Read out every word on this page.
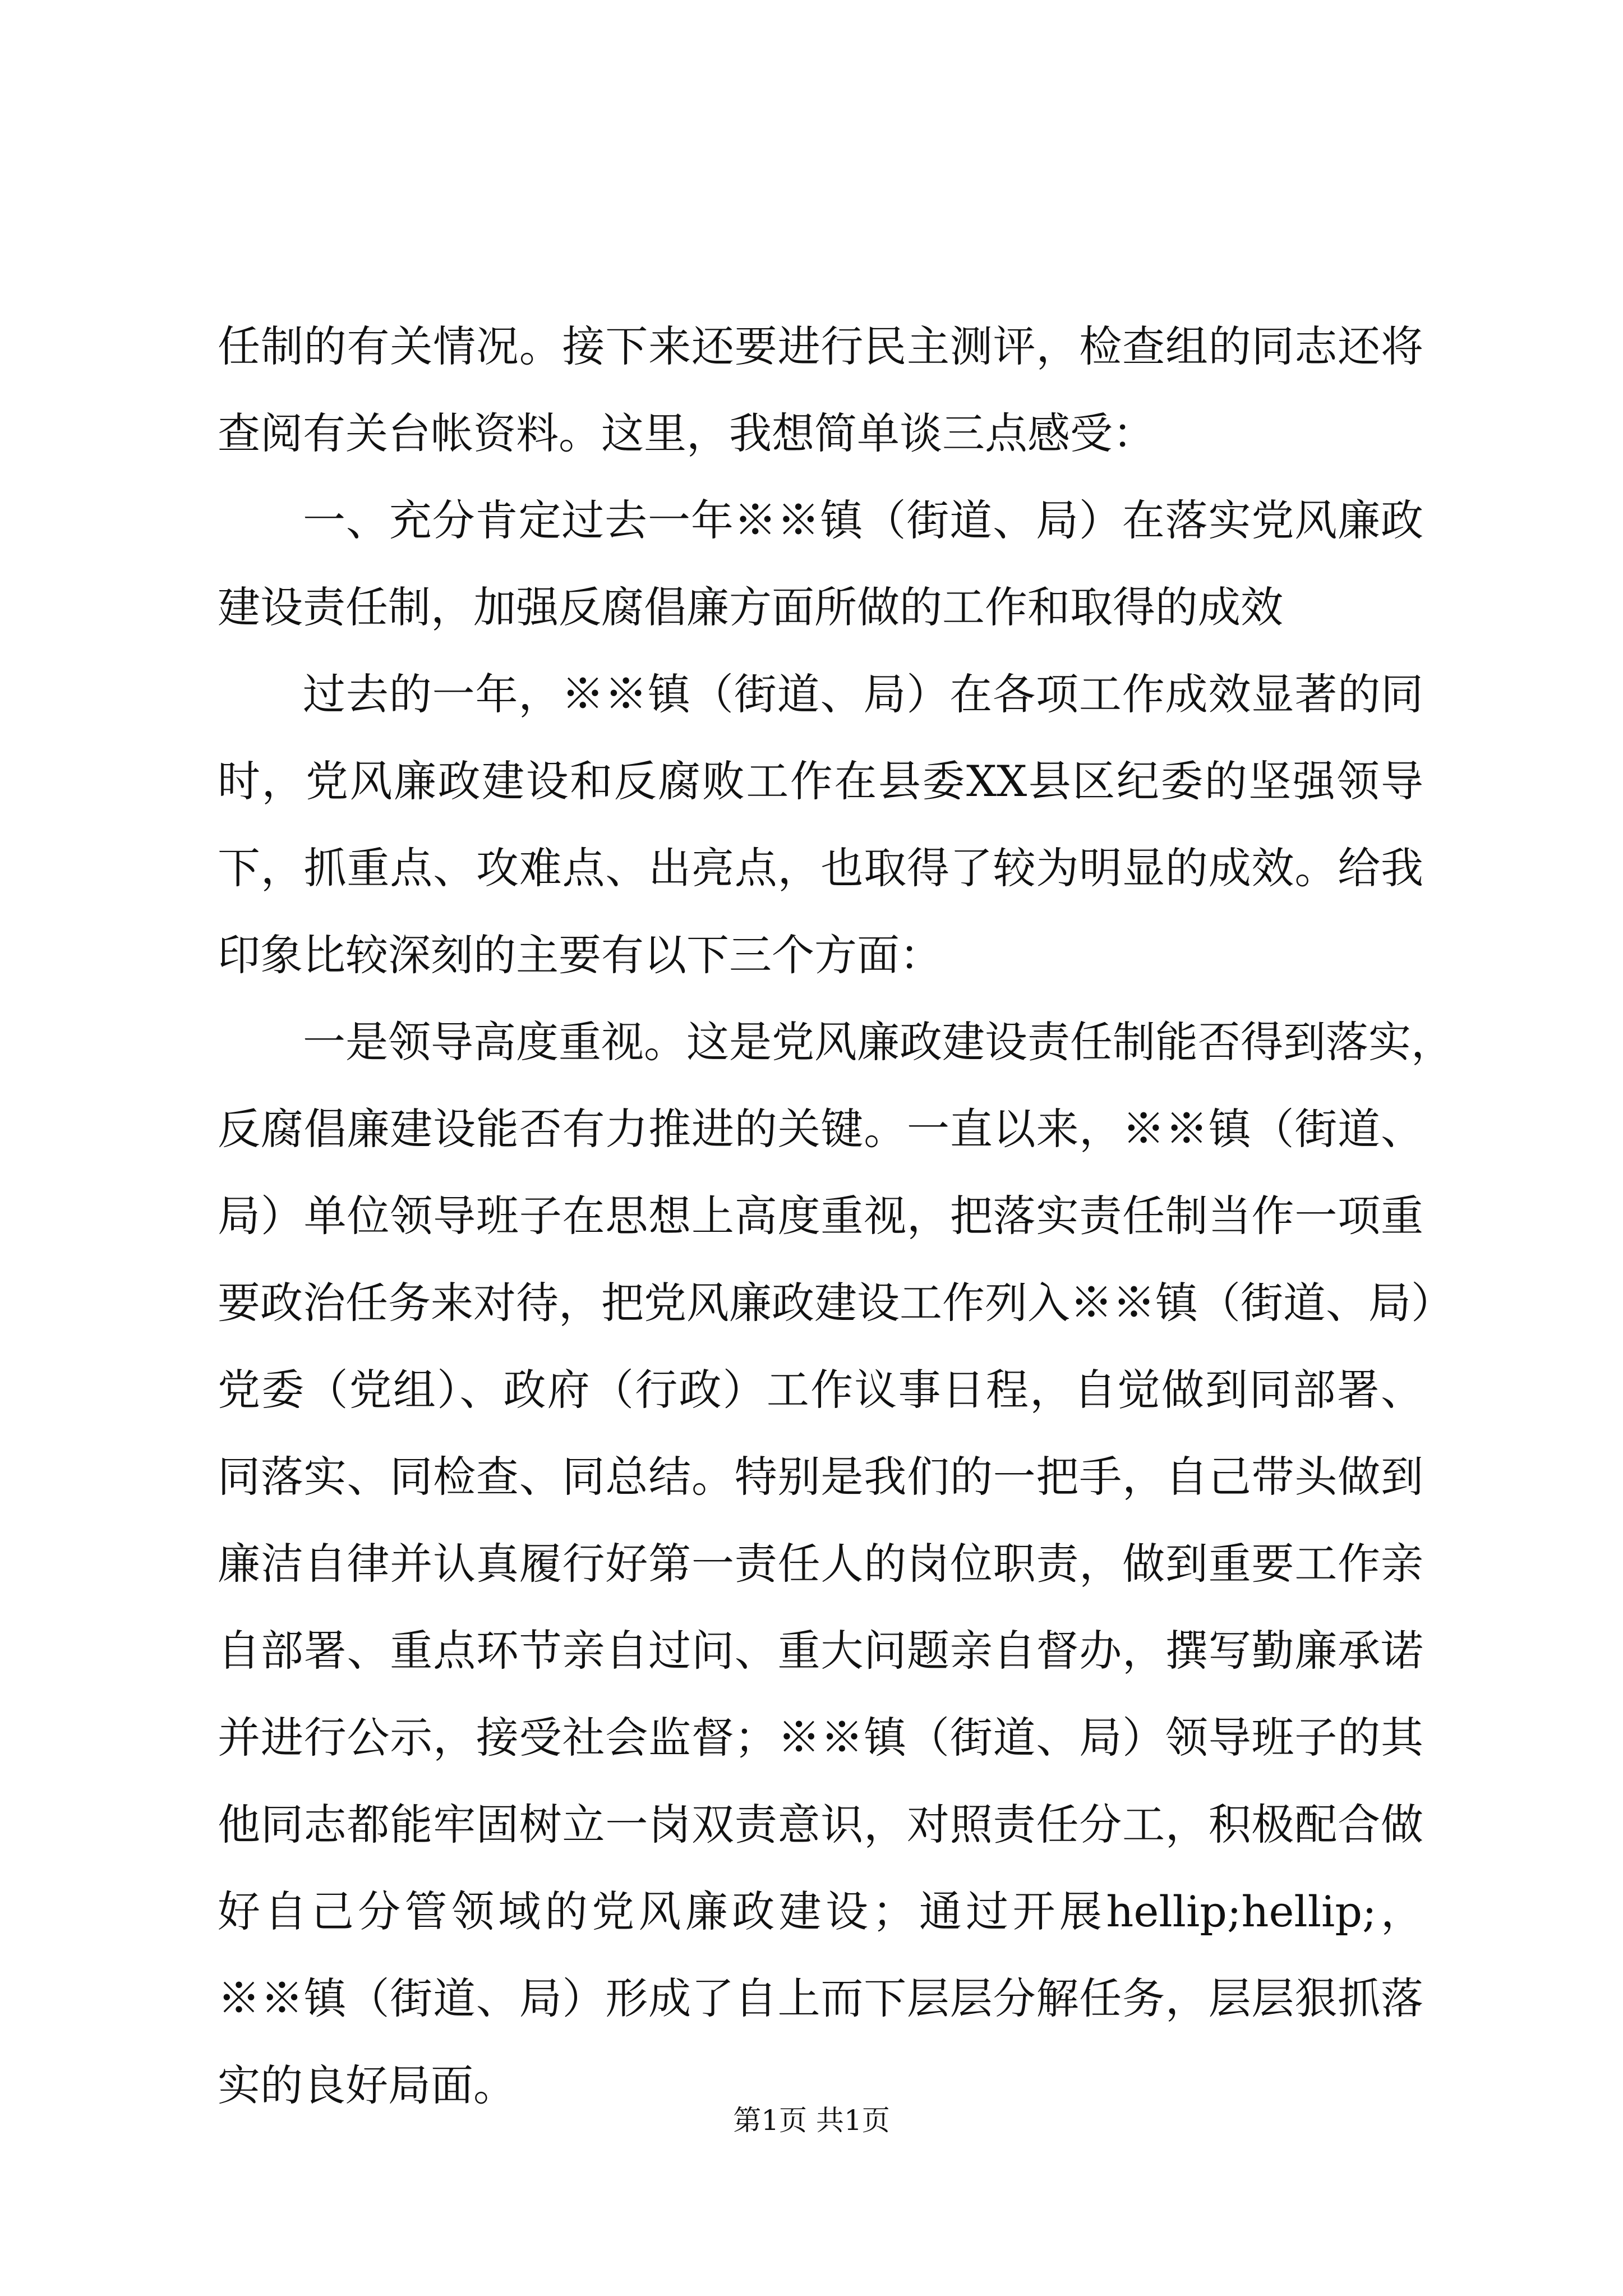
任制的有关情况。接下来还要进行民主测评，检查组的同志还将
查阅有关台帐资料。这里，我想简单谈三点感受：
一、充分肯定过去一年※※镇（街道、局）在落实党风廉政
建设责任制，加强反腐倡廉方面所做的工作和取得的成效
过去的一年，※※镇（街道、局）在各项工作成效显著的同
时，党风廉政建设和反腐败工作在县委XX县区纪委的坚强领导
下，抓重点、攻难点、出亮点，也取得了较为明显的成效。给我
印象比较深刻的主要有以下三个方面：
一是领导高度重视。这是党风廉政建设责任制能否得到落实，
反腐倡廉建设能否有力推进的关键。一直以来，※※镇（街道、
局）单位领导班子在思想上高度重视，把落实责任制当作一项重
要政治任务来对待，把党风廉政建设工作列入※※镇（街道、局）
党委（党组）、政府（行政）工作议事日程，自觉做到同部署、
同落实、同检查、同总结。特别是我们的一把手，自己带头做到
廉洁自律并认真履行好第一责任人的岗位职责，做到重要工作亲
自部署、重点环节亲自过问、重大问题亲自督办，撰写勤廉承诺
并进行公示，接受社会监督；※※镇（街道、局）领导班子的其
他同志都能牢固树立一岗双责意识，对照责任分工，积极配合做
好自己分管领域的党风廉政建设；通过开展hellip;hellip;，
※※镇（街道、局）形成了自上而下层层分解任务，层层狠抓落
实的良好局面。
第1页 共1页
